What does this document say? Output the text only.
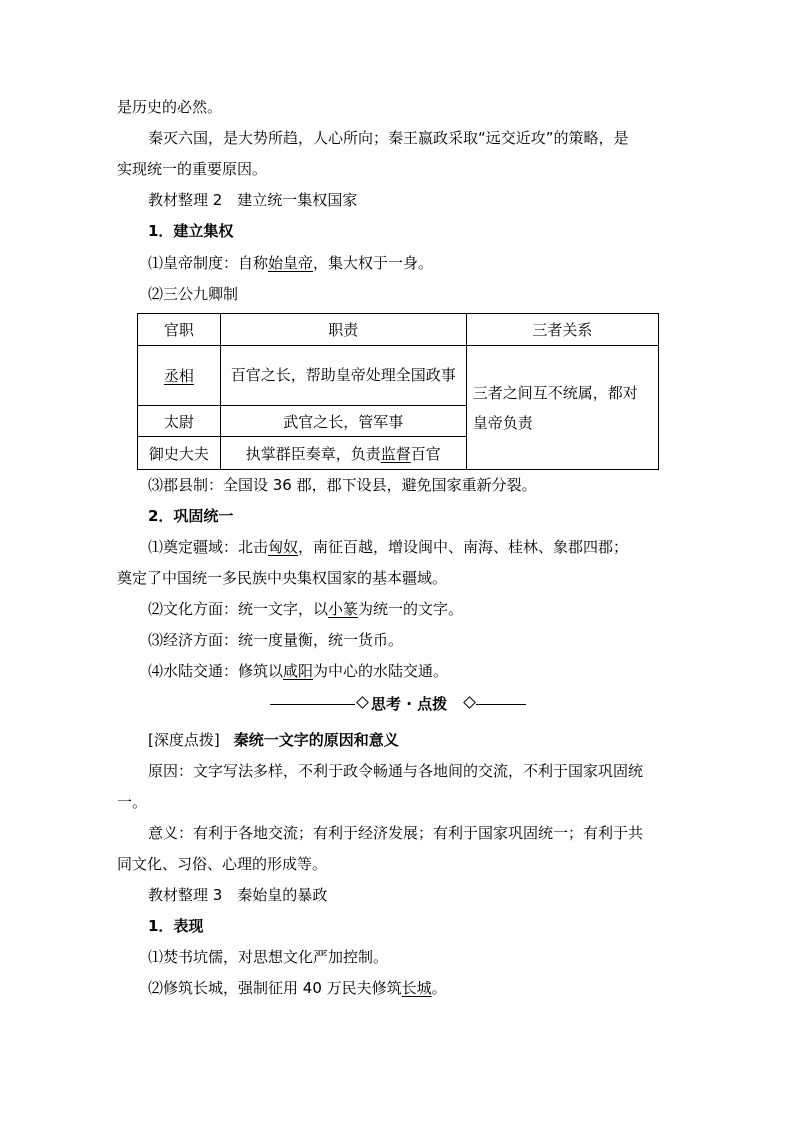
是历史的必然。
秦灭六国，是大势所趋，人心所向；秦王嬴政采取“远交近攻”的策略，是
实现统一的重要原因。
教材整理 2　建立统一集权国家
1．建立集权
⑴皇帝制度：自称始皇帝，集大权于一身。
⑵三公九卿制
官职	职责	三者关系
丞相	百官之长，帮助皇帝处理全国政事	三者之间互不统属，都对
皇帝负责

太尉	武官之长，管军事	
御史大夫	执掌群臣奏章，负责监督百官	
⑶郡县制：全国设 36 郡，郡下设县，避免国家重新分裂。
2．巩固统一
⑴奠定疆域：北击匈奴，南征百越，增设闽中、南海、桂林、象郡四郡；
奠定了中国统一多民族中央集权国家的基本疆域。
⑵文化方面：统一文字，以小篆为统一的文字。
⑶经济方面：统一度量衡，统一货币。
⑷水陆交通：修筑以咸阳为中心的水陆交通。
思考 · 点拨
[深度点拨] 秦统一文字的原因和意义
原因：文字写法多样，不利于政令畅通与各地间的交流，不利于国家巩固统
一。
意义：有利于各地交流；有利于经济发展；有利于国家巩固统一；有利于共
同文化、习俗、心理的形成等。
教材整理 3　秦始皇的暴政
1．表现
⑴焚书坑儒，对思想文化严加控制。
⑵修筑长城，强制征用 40 万民夫修筑长城。
